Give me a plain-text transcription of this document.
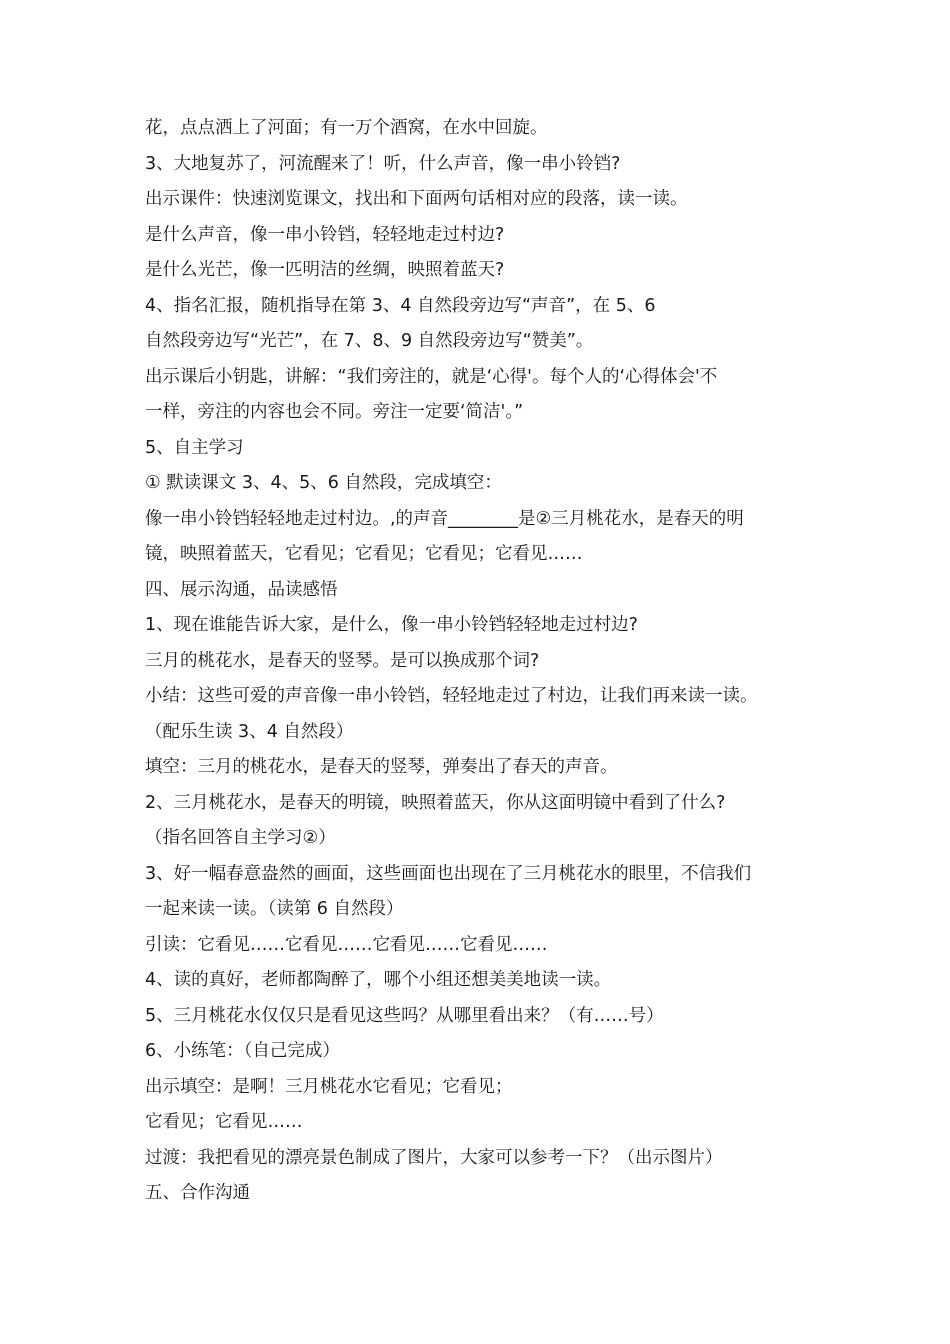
花，点点洒上了河面；有一万个酒窝，在水中回旋。
3、大地复苏了，河流醒来了！听，什么声音，像一串小铃铛?
出示课件：快速浏览课文，找出和下面两句话相对应的段落，读一读。
是什么声音，像一串小铃铛，轻轻地走过村边?
是什么光芒，像一匹明洁的丝绸，映照着蓝天?
4、指名汇报，随机指导在第 3、4 自然段旁边写“声音”，在 5、6
自然段旁边写“光芒”，在 7、8、9 自然段旁边写“赞美”。
出示课后小钥匙，讲解：“我们旁注的，就是‘心得'。每个人的‘心得体会'不
一样，旁注的内容也会不同。旁注一定要‘简洁'。”
5、自主学习
① 默读课文 3、4、5、6 自然段，完成填空：
像一串小铃铛轻轻地走过村边。,的声音________是②三月桃花水，是春天的明
镜，映照着蓝天，它看见；它看见；它看见；它看见……
四、展示沟通，品读感悟
1、现在谁能告诉大家，是什么，像一串小铃铛轻轻地走过村边?
三月的桃花水，是春天的竖琴。是可以换成那个词?
小结：这些可爱的声音像一串小铃铛，轻轻地走过了村边，让我们再来读一读。
（配乐生读 3、4 自然段）
填空：三月的桃花水，是春天的竖琴，弹奏出了春天的声音。
2、三月桃花水，是春天的明镜，映照着蓝天，你从这面明镜中看到了什么?
（指名回答自主学习②）
3、好一幅春意盎然的画面，这些画面也出现在了三月桃花水的眼里，不信我们
一起来读一读。（读第 6 自然段）
引读：它看见……它看见……它看见……它看见……
4、读的真好，老师都陶醉了，哪个小组还想美美地读一读。
5、三月桃花水仅仅只是看见这些吗？从哪里看出来？（有……号）
6、小练笔：（自己完成）
出示填空：是啊！三月桃花水它看见；它看见；
它看见；它看见……
过渡：我把看见的漂亮景色制成了图片，大家可以参考一下？（出示图片）
五、合作沟通
